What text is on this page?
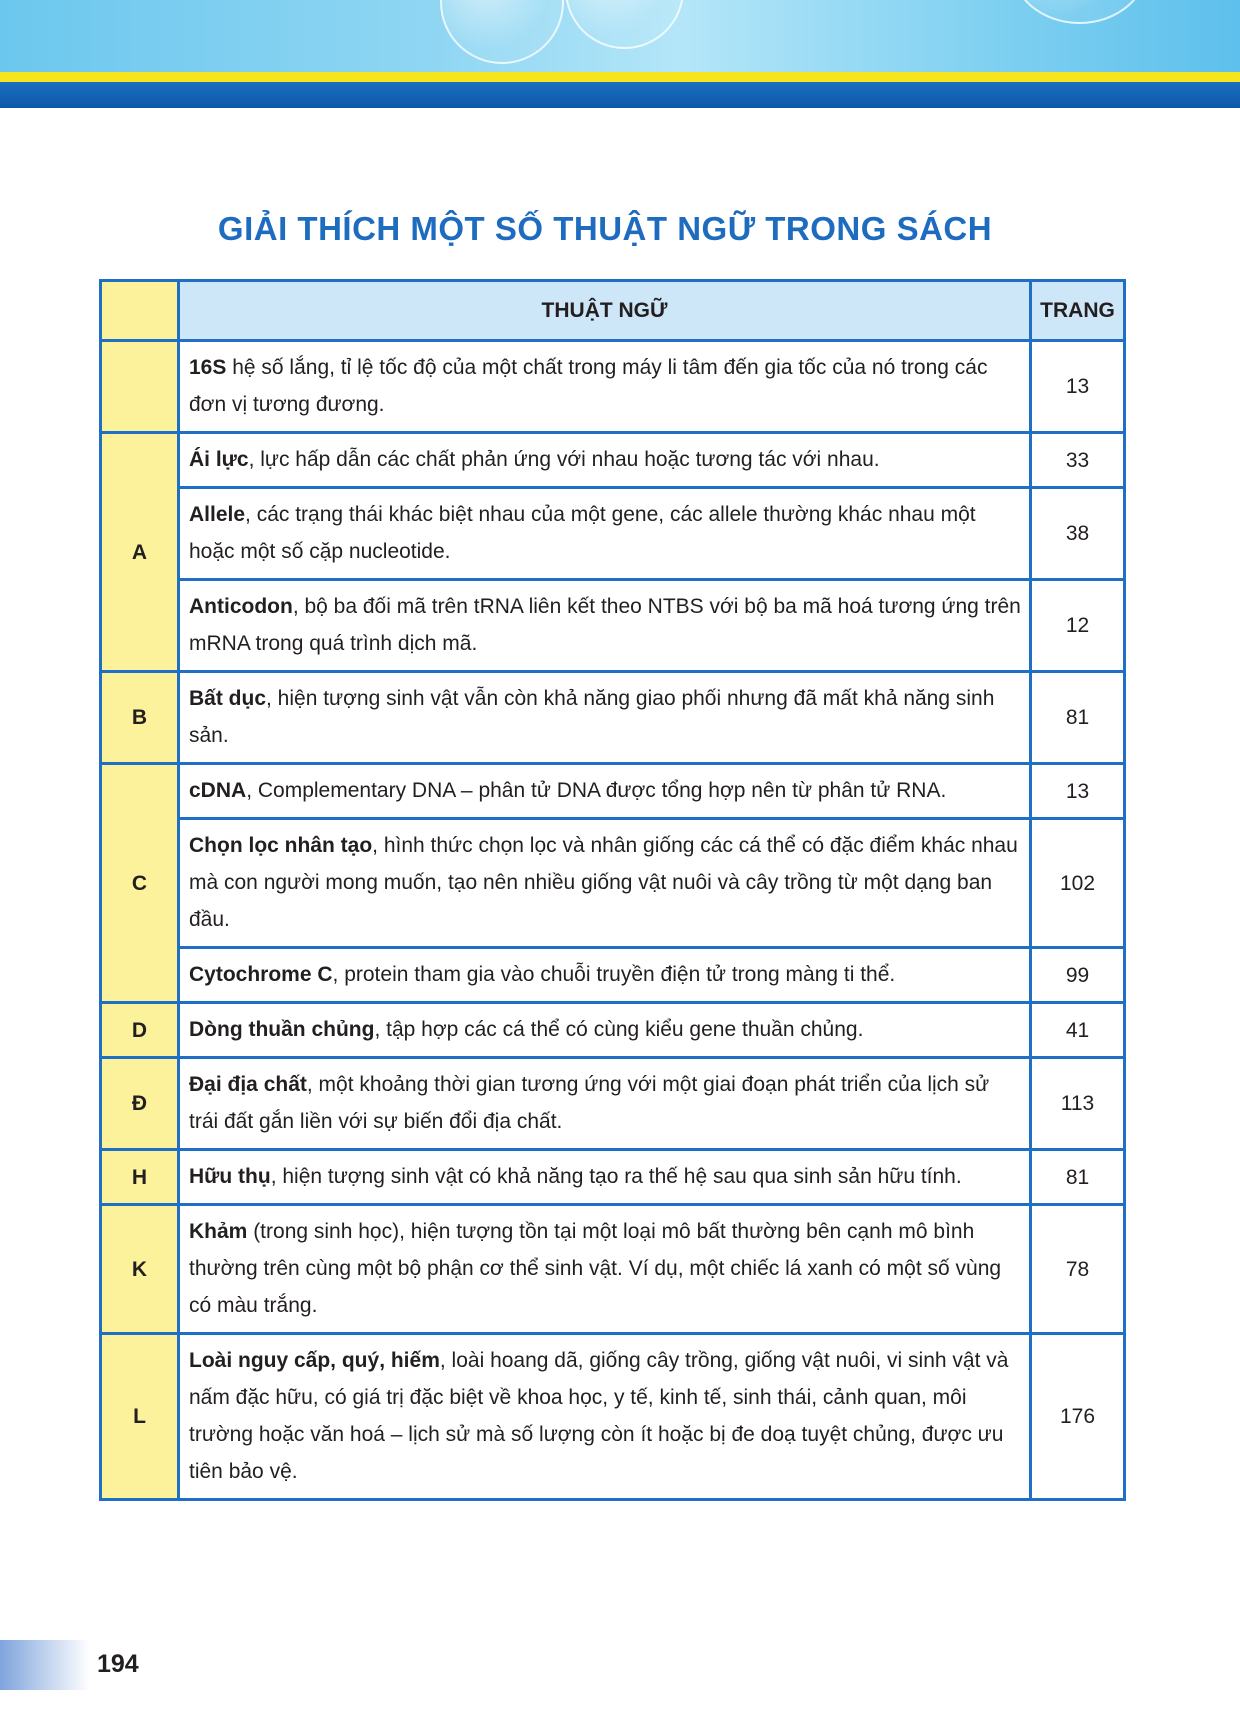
GIẢI THÍCH MỘT SỐ THUẬT NGỮ TRONG SÁCH
	THUẬT NGỮ	TRANG
	16S hệ số lắng, tỉ lệ tốc độ của một chất trong máy li tâm đến gia tốc của nó trong các đơn vị tương đương.	13
A	Ái lực, lực hấp dẫn các chất phản ứng với nhau hoặc tương tác với nhau.	33
	Allele, các trạng thái khác biệt nhau của một gene, các allele thường khác nhau một hoặc một số cặp nucleotide.	38
	Anticodon, bộ ba đối mã trên tRNA liên kết theo NTBS với bộ ba mã hoá tương ứng trên mRNA trong quá trình dịch mã.	12
B	Bất dục, hiện tượng sinh vật vẫn còn khả năng giao phối nhưng đã mất khả năng sinh sản.	81
C	cDNA, Complementary DNA – phân tử DNA được tổng hợp nên từ phân tử RNA.	13
	Chọn lọc nhân tạo, hình thức chọn lọc và nhân giống các cá thể có đặc điểm khác nhau mà con người mong muốn, tạo nên nhiều giống vật nuôi và cây trồng từ một dạng ban đầu.	102
	Cytochrome C, protein tham gia vào chuỗi truyền điện tử trong màng ti thể.	99
D	Dòng thuần chủng, tập hợp các cá thể có cùng kiểu gene thuần chủng.	41
Đ	Đại địa chất, một khoảng thời gian tương ứng với một giai đoạn phát triển của lịch sử trái đất gắn liền với sự biến đổi địa chất.	113
H	Hữu thụ, hiện tượng sinh vật có khả năng tạo ra thế hệ sau qua sinh sản hữu tính.	81
K	Khảm (trong sinh học), hiện tượng tồn tại một loại mô bất thường bên cạnh mô bình thường trên cùng một bộ phận cơ thể sinh vật. Ví dụ, một chiếc lá xanh có một số vùng có màu trắng.	78
L	Loài nguy cấp, quý, hiếm, loài hoang dã, giống cây trồng, giống vật nuôi, vi sinh vật và nấm đặc hữu, có giá trị đặc biệt về khoa học, y tế, kinh tế, sinh thái, cảnh quan, môi trường hoặc văn hoá – lịch sử mà số lượng còn ít hoặc bị đe doạ tuyệt chủng, được ưu tiên bảo vệ.	176
194
